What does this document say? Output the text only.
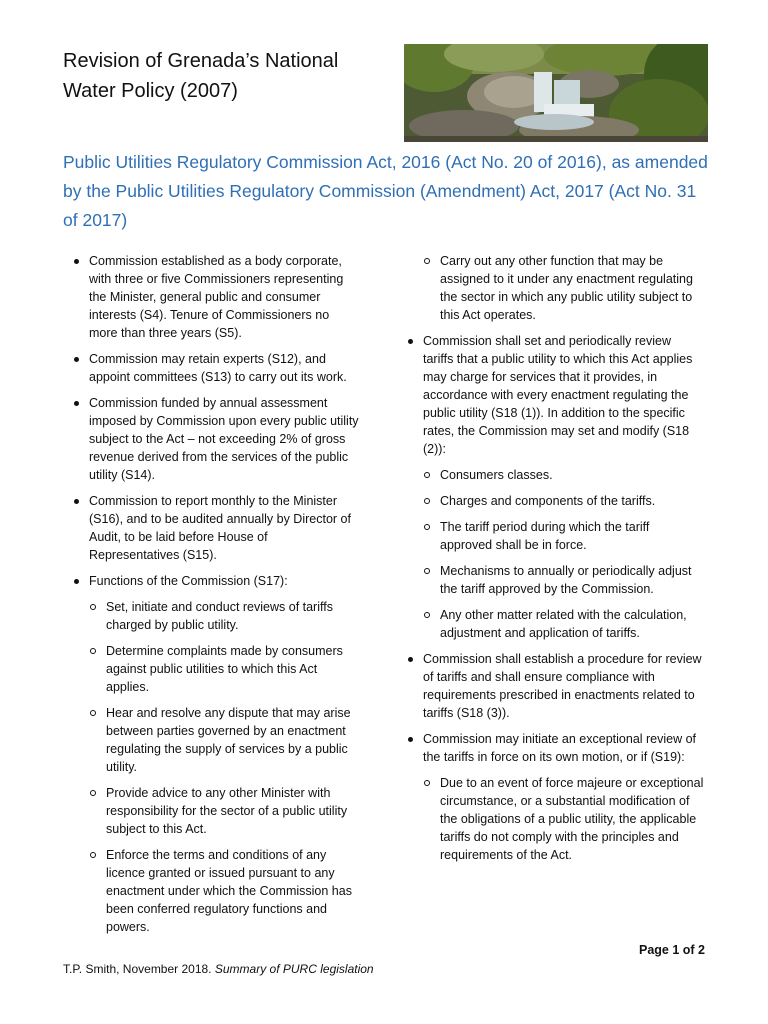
Revision of Grenada’s National
Water Policy (2007)
Public Utilities Regulatory Commission Act, 2016 (Act No. 20 of 2016), as amended by the Public Utilities Regulatory Commission (Amendment) Act, 2017 (Act No. 31 of 2017)
Commission established as a body corporate, with three or five Commissioners representing the Minister, general public and consumer interests (S4). Tenure of Commissioners no more than three years (S5).
Commission may retain experts (S12), and appoint committees (S13) to carry out its work.
Commission funded by annual assessment imposed by Commission upon every public utility subject to the Act – not exceeding 2% of gross revenue derived from the services of the public utility (S14).
Commission to report monthly to the Minister (S16), and to be audited annually by Director of Audit, to be laid before House of Representatives (S15).
Functions of the Commission (S17):
Set, initiate and conduct reviews of tariffs charged by public utility.
Determine complaints made by consumers against public utilities to which this Act applies.
Hear and resolve any dispute that may arise between parties governed by an enactment regulating the supply of services by a public utility.
Provide advice to any other Minister with responsibility for the sector of a public utility subject to this Act.
Enforce the terms and conditions of any licence granted or issued pursuant to any enactment under which the Commission has been conferred regulatory functions and powers.
Carry out any other function that may be assigned to it under any enactment regulating the sector in which any public utility subject to this Act operates.
Commission shall set and periodically review tariffs that a public utility to which this Act applies may charge for services that it provides, in accordance with every enactment regulating the public utility (S18 (1)). In addition to the specific rates, the Commission may set and modify (S18 (2)):
Consumers classes.
Charges and components of the tariffs.
The tariff period during which the tariff approved shall be in force.
Mechanisms to annually or periodically adjust the tariff approved by the Commission.
Any other matter related with the calculation, adjustment and application of tariffs.
Commission shall establish a procedure for review of tariffs and shall ensure compliance with requirements prescribed in enactments related to tariffs (S18 (3)).
Commission may initiate an exceptional review of the tariffs in force on its own motion, or if (S19):
Due to an event of force majeure or exceptional circumstance, or a substantial modification of the obligations of a public utility, the applicable tariffs do not comply with the principles and requirements of the Act.
Page 1 of 2
T.P. Smith, November 2018. Summary of PURC legislation
